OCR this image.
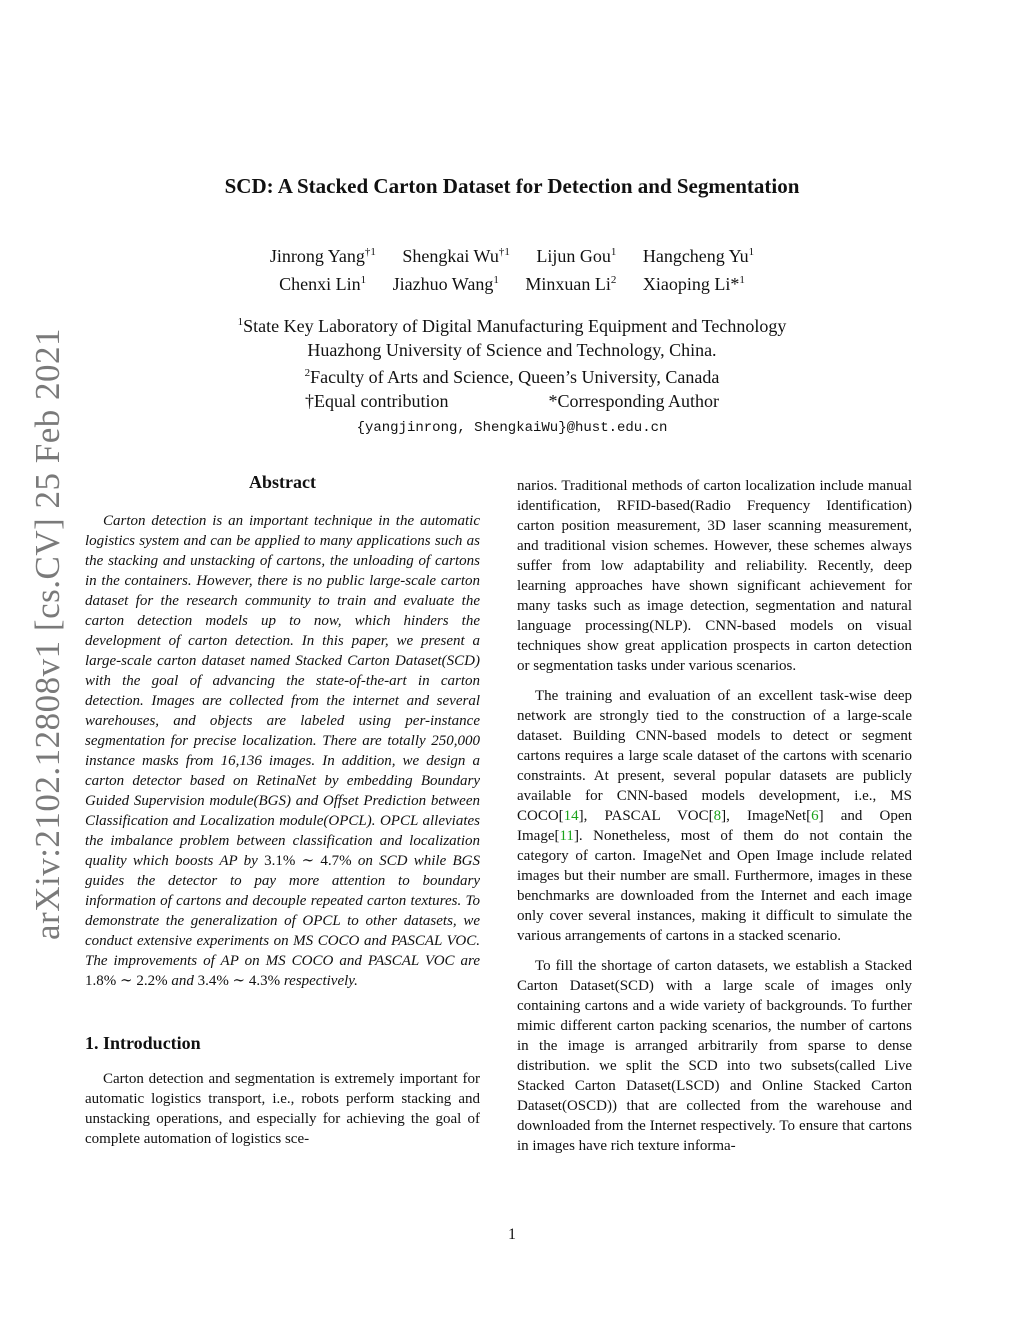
arXiv:2102.12808v1 [cs.CV] 25 Feb 2021
SCD: A Stacked Carton Dataset for Detection and Segmentation
Jinrong Yang$^{\dagger 1}$ Shengkai Wu$^{\dagger 1}$ Lijun Gou$^1$ Hangcheng Yu$^1$
Chenxi Lin$^1$ Jiazhuo Wang$^1$ Minxuan Li$^2$ Xiaoping Li*$^1$
$^1$State Key Laboratory of Digital Manufacturing Equipment and Technology
Huazhong University of Science and Technology, China.
$^2$Faculty of Arts and Science, Queen’s University, Canada
†Equal contribution	*Corresponding Author
{yangjinrong, ShengkaiWu}@hust.edu.cn
Abstract

Carton detection is an important technique in the automatic logistics system and can be applied to many applications such as the stacking and unstacking of cartons, the unloading of cartons in the containers. However, there is no public large-scale carton dataset for the research community to train and evaluate the carton detection models up to now, which hinders the development of carton detection. In this paper, we present a large-scale carton dataset named Stacked Carton Dataset(SCD) with the goal of advancing the state-of-the-art in carton detection. Images are collected from the internet and several warehouses, and objects are labeled using per-instance segmentation for precise localization. There are totally 250,000 instance masks from 16,136 images. In addition, we design a carton detector based on RetinaNet by embedding Boundary Guided Supervision module(BGS) and Offset Prediction between Classification and Localization module(OPCL). OPCL alleviates the imbalance problem between classification and localization quality which boosts AP by 3.1% ∼ 4.7% on SCD while BGS guides the detector to pay more attention to boundary information of cartons and decouple repeated carton textures. To demonstrate the generalization of OPCL to other datasets, we conduct extensive experiments on MS COCO and PASCAL VOC. The improvements of AP on MS COCO and PASCAL VOC are 1.8% ∼ 2.2% and 3.4% ∼ 4.3% respectively.

1. Introduction

Carton detection and segmentation is extremely important for automatic logistics transport, i.e., robots perform stacking and unstacking operations, and especially for achieving the goal of complete automation of logistics sce-

narios. Traditional methods of carton localization include manual identification, RFID-based(Radio Frequency Identification) carton position measurement, 3D laser scanning measurement, and traditional vision schemes. However, these schemes always suffer from low adaptability and reliability. Recently, deep learning approaches have shown significant achievement for many tasks such as image detection, segmentation and natural language processing(NLP). CNN-based models on visual techniques show great application prospects in carton detection or segmentation tasks under various scenarios.

The training and evaluation of an excellent task-wise deep network are strongly tied to the construction of a large-scale dataset. Building CNN-based models to detect or segment cartons requires a large scale dataset of the cartons with scenario constraints. At present, several popular datasets are publicly available for CNN-based models development, i.e., MS COCO[14], PASCAL VOC[8], ImageNet[6] and Open Image[11]. Nonetheless, most of them do not contain the category of carton. ImageNet and Open Image include related images but their number are small. Furthermore, images in these benchmarks are downloaded from the Internet and each image only cover several instances, making it difficult to simulate the various arrangements of cartons in a stacked scenario.

To fill the shortage of carton datasets, we establish a Stacked Carton Dataset(SCD) with a large scale of images only containing cartons and a wide variety of backgrounds. To further mimic different carton packing scenarios, the number of cartons in the image is arranged arbitrarily from sparse to dense distribution. we split the SCD into two subsets(called Live Stacked Carton Dataset(LSCD) and Online Stacked Carton Dataset(OSCD)) that are collected from the warehouse and downloaded from the Internet respectively. To ensure that cartons in images have rich texture informa-

1
